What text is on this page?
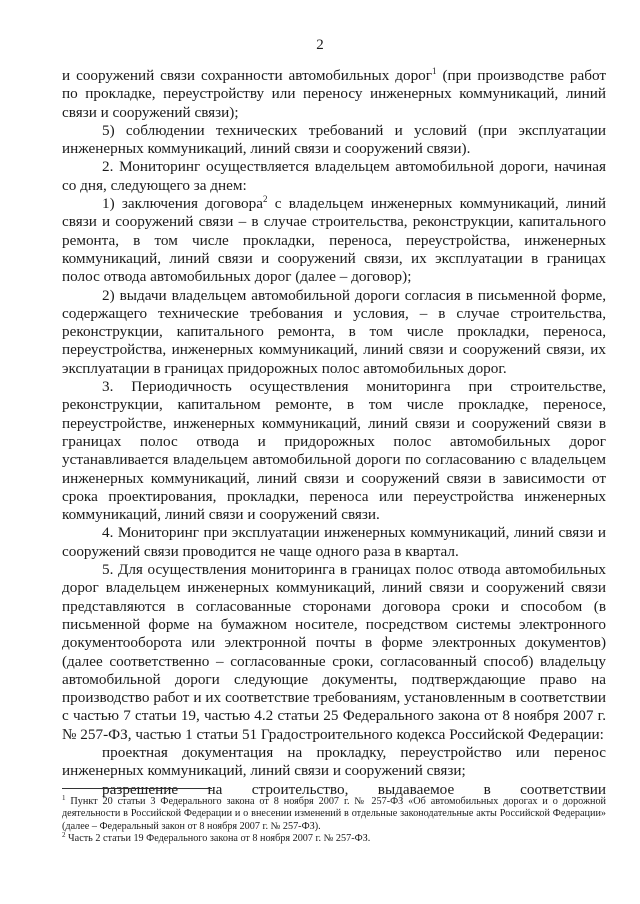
2

и сооружений связи сохранности автомобильных дорог$^1$ (при производстве работ по прокладке, переустройству или переносу инженерных коммуникаций, линий связи и сооружений связи);

5) соблюдении технических требований и условий (при эксплуатации инженерных коммуникаций, линий связи и сооружений связи).

2. Мониторинг осуществляется владельцем автомобильной дороги, начиная со дня, следующего за днем:

1) заключения договора$^2$ с владельцем инженерных коммуникаций, линий связи и сооружений связи – в случае строительства, реконструкции, капитального ремонта, в том числе прокладки, переноса, переустройства, инженерных коммуникаций, линий связи и сооружений связи, их эксплуатации в границах полос отвода автомобильных дорог (далее – договор);

2) выдачи владельцем автомобильной дороги согласия в письменной форме, содержащего технические требования и условия, – в случае строительства, реконструкции, капитального ремонта, в том числе прокладки, переноса, переустройства, инженерных коммуникаций, линий связи и сооружений связи, их эксплуатации в границах придорожных полос автомобильных дорог.

3. Периодичность осуществления мониторинга при строительстве, реконструкции, капитальном ремонте, в том числе прокладке, переносе, переустройстве, инженерных коммуникаций, линий связи и сооружений связи в границах полос отвода и придорожных полос автомобильных дорог устанавливается владельцем автомобильной дороги по согласованию с владельцем инженерных коммуникаций, линий связи и сооружений связи в зависимости от срока проектирования, прокладки, переноса или переустройства инженерных коммуникаций, линий связи и сооружений связи.

4. Мониторинг при эксплуатации инженерных коммуникаций, линий связи и сооружений связи проводится не чаще одного раза в квартал.

5. Для осуществления мониторинга в границах полос отвода автомобильных дорог владельцем инженерных коммуникаций, линий связи и сооружений связи представляются в согласованные сторонами договора сроки и способом (в письменной форме на бумажном носителе, посредством системы электронного документооборота или электронной почты в форме электронных документов) (далее соответственно – согласованные сроки, согласованный способ) владельцу автомобильной дороги следующие документы, подтверждающие право на производство работ и их соответствие требованиям, установленным в соответствии с частью 7 статьи 19, частью 4.2 статьи 25 Федерального закона от 8 ноября 2007 г. № 257-ФЗ, частью 1 статьи 51 Градостроительного кодекса Российской Федерации:

проектная документация на прокладку, переустройство или перенос инженерных коммуникаций, линий связи и сооружений связи;

разрешение на строительство, выдаваемое в соответствии

$^1$ Пункт 20 статьи 3 Федерального закона от 8 ноября 2007 г. № 257-ФЗ «Об автомобильных дорогах и о дорожной деятельности в Российской Федерации и о внесении изменений в отдельные законодательные акты Российской Федерации» (далее – Федеральный закон от 8 ноября 2007 г. № 257-ФЗ).

$^2$ Часть 2 статьи 19 Федерального закона от 8 ноября 2007 г. № 257-ФЗ.
